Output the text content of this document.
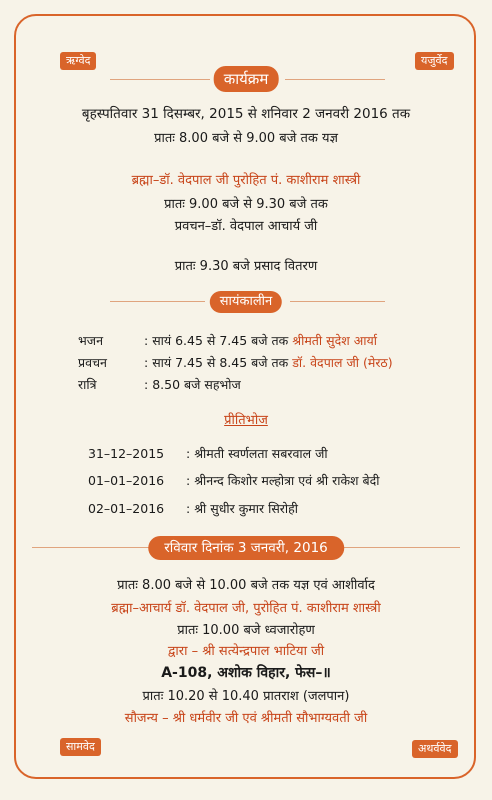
ऋग्वेद	यजुर्वेद
सामवेद	अथर्ववेद
कार्यक्रम
बृहस्पतिवार 31 दिसम्बर, 2015 से शनिवार 2 जनवरी 2016 तक
प्रातः 8.00 बजे से 9.00 बजे तक यज्ञ
ब्रह्मा–डॉ. वेदपाल जी पुरोहित पं. काशीराम शास्त्री
प्रातः 9.00 बजे से 9.30 बजे तक
प्रवचन–डॉ. वेदपाल आचार्य जी
प्रातः 9.30 बजे प्रसाद वितरण
सायंकालीन
भजन	: सायं 6.45 से 7.45 बजे तक श्रीमती सुदेश आर्या
प्रवचन	: सायं 7.45 से 8.45 बजे तक डॉ. वेदपाल जी (मेरठ)
रात्रि	: 8.50 बजे सहभोज
प्रीतिभोज
31–12–2015 : श्रीमती स्वर्णलता सबरवाल जी
01–01–2016 : श्रीनन्द किशोर मल्होत्रा एवं श्री राकेश बेदी
02–01–2016 : श्री सुधीर कुमार सिरोही
रविवार दिनांक 3 जनवरी, 2016
प्रातः 8.00 बजे से 10.00 बजे तक यज्ञ एवं आशीर्वाद
ब्रह्मा–आचार्य डॉ. वेदपाल जी, पुरोहित पं. काशीराम शास्त्री
प्रातः 10.00 बजे ध्वजारोहण
द्वारा – श्री सत्येन्द्रपाल भाटिया जी
A-108, अशोक विहार, फेस–॥
प्रातः 10.20 से 10.40 प्रातराश (जलपान)
सौजन्य – श्री धर्मवीर जी एवं श्रीमती सौभाग्यवती जी
